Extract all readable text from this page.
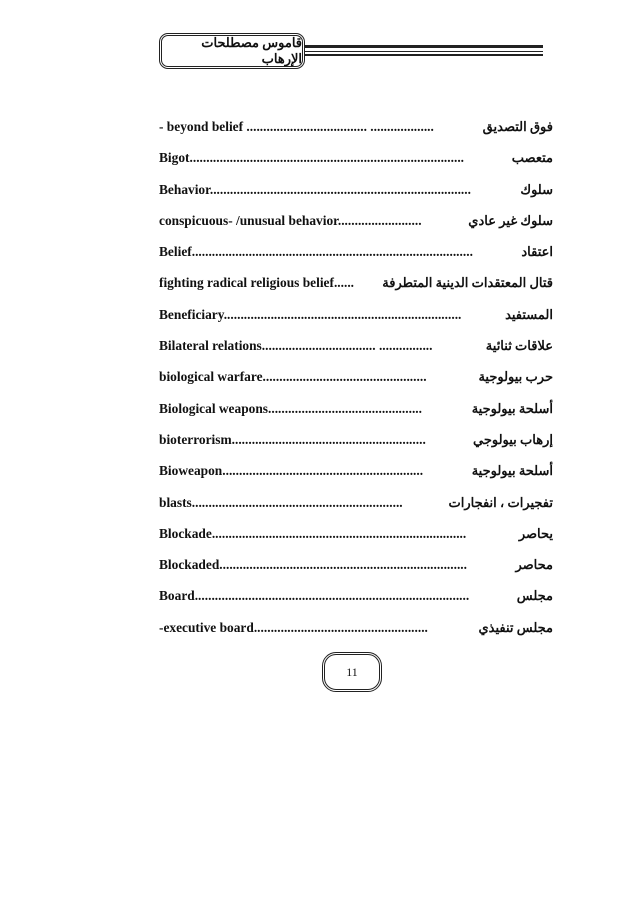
قاموس مصطلحات الإرهاب
- beyond belief .................................... ...................	فوق التصديق
Bigot..................................................................................	متعصب
Behavior..............................................................................	سلوك
conspicuous- /unusual behavior.........................	سلوك غير عادي
Belief....................................................................................	اعتقاد
fighting radical religious belief...... قتال المعتقدات الدينية المتطرفة
Beneficiary.......................................................................	المستفيد
Bilateral relations.................................. ................	علاقات ثنائية
biological warfare.................................................	حرب بيولوجية
Biological weapons..............................................	أسلحة بيولوجية
bioterrorism..........................................................	إرهاب بيولوجي
Bioweapon............................................................	أسلحة بيولوجية
blasts...............................................................	تفجيرات ، انفجارات
Blockade............................................................................	يحاصر
Blockaded..........................................................................	محاصر
Board..................................................................................	مجلس
-executive board....................................................	مجلس تنفيذي
11
